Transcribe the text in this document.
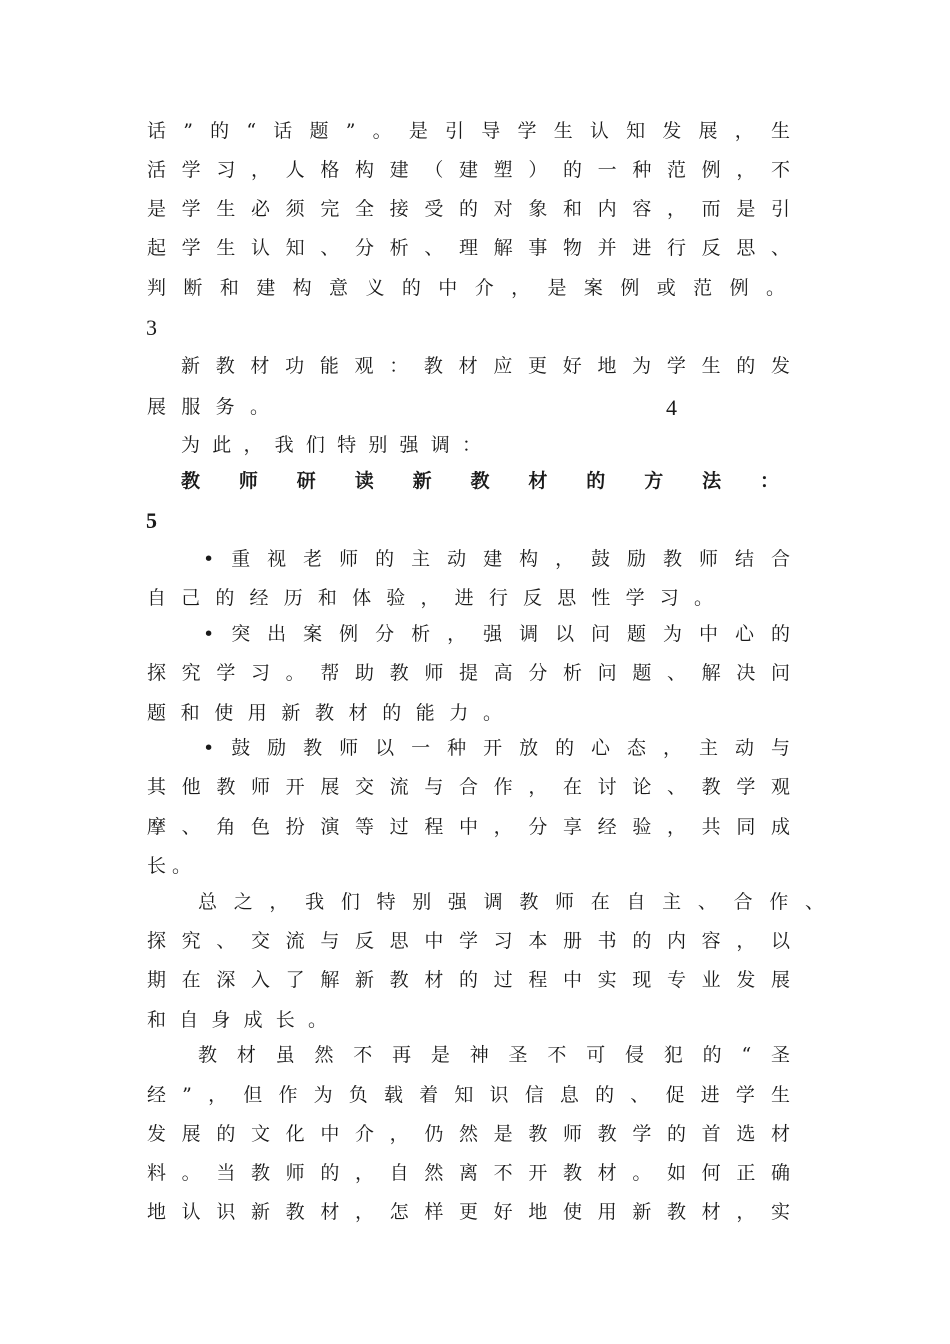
话”的“话题”。是引导学生认知发展，生
活学习，人格构建（建塑）的一种范例，不
是学生必须完全接受的对象和内容，而是引
起学生认知、分析、理解事物并进行反思、
判断和建构意义的中介，是案例或范例。
3
新教材功能观：教材应更好地为学生的发
展服务。	4
为此，我们特别强调：
教师研读新教材的方法：
5
•重视老师的主动建构，鼓励教师结合
自己的经历和体验，进行反思性学习。
•突出案例分析，强调以问题为中心的
探究学习。帮助教师提高分析问题、解决问
题和使用新教材的能力。
•鼓励教师以一种开放的心态，主动与
其他教师开展交流与合作，在讨论、教学观
摩、角色扮演等过程中，分享经验，共同成
长。
总之，我们特别强调教师在自主、合作、
探究、交流与反思中学习本册书的内容，以
期在深入了解新教材的过程中实现专业发展
和自身成长。
教材虽然不再是神圣不可侵犯的“圣
经”，但作为负载着知识信息的、促进学生
发展的文化中介，仍然是教师教学的首选材
料。当教师的，自然离不开教材。如何正确
地认识新教材，怎样更好地使用新教材，实
